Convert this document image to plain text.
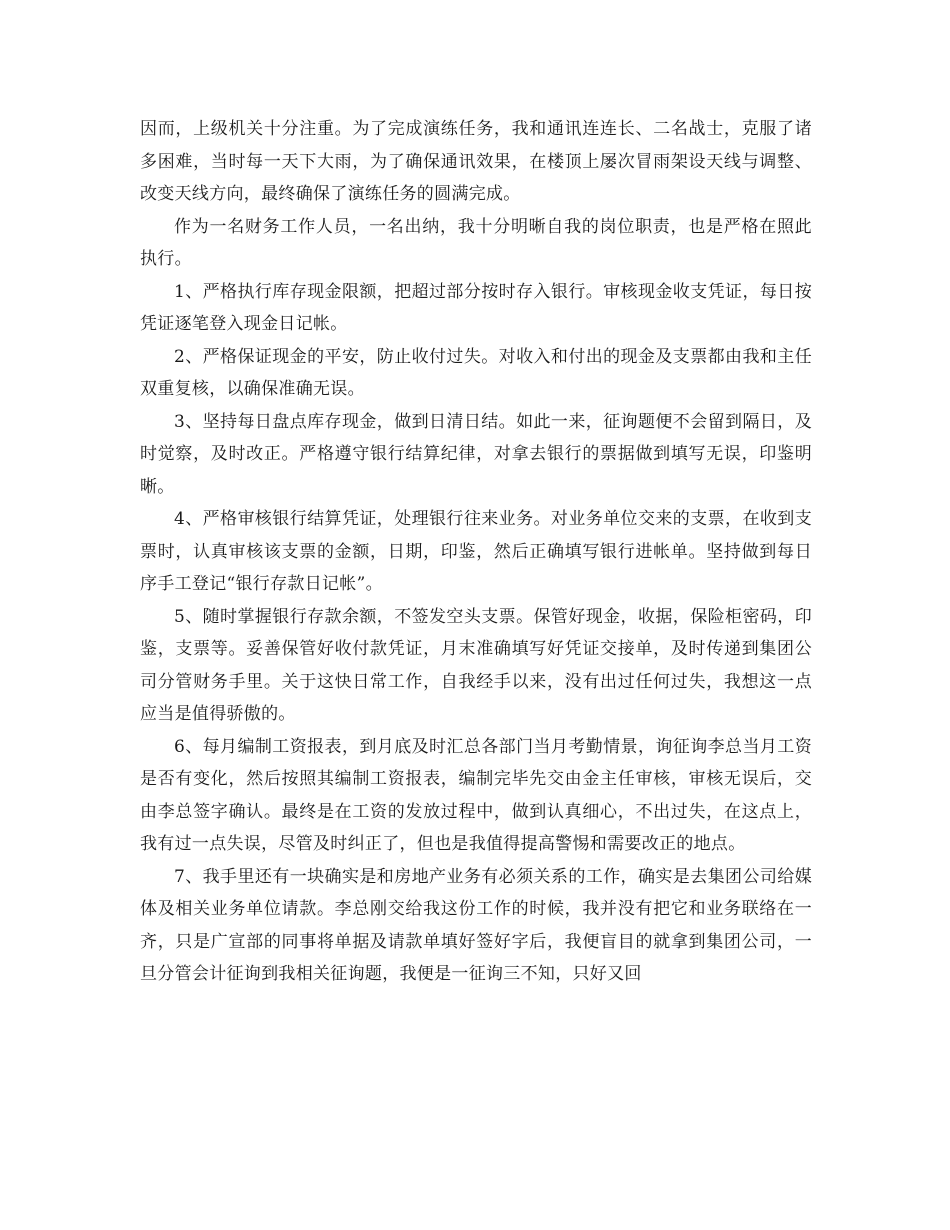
因而，上级机关十分注重。为了完成演练任务，我和通讯连连长、二名战士，克服了诸多困难，当时每一天下大雨，为了确保通讯效果，在楼顶上屡次冒雨架设天线与调整、改变天线方向，最终确保了演练任务的圆满完成。

作为一名财务工作人员，一名出纳，我十分明晰自我的岗位职责，也是严格在照此执行。

1、严格执行库存现金限额，把超过部分按时存入银行。审核现金收支凭证，每日按凭证逐笔登入现金日记帐。

2、严格保证现金的平安，防止收付过失。对收入和付出的现金及支票都由我和主任双重复核，以确保准确无误。

3、坚持每日盘点库存现金，做到日清日结。如此一来，征询题便不会留到隔日，及时觉察，及时改正。严格遵守银行结算纪律，对拿去银行的票据做到填写无误，印鉴明晰。

4、严格审核银行结算凭证，处理银行往来业务。对业务单位交来的支票，在收到支票时，认真审核该支票的金额，日期，印鉴，然后正确填写银行进帐单。坚持做到每日序手工登记“银行存款日记帐”。

5、随时掌握银行存款余额，不签发空头支票。保管好现金，收据，保险柜密码，印鉴，支票等。妥善保管好收付款凭证，月末准确填写好凭证交接单，及时传递到集团公司分管财务手里。关于这快日常工作，自我经手以来，没有出过任何过失，我想这一点应当是值得骄傲的。

6、每月编制工资报表，到月底及时汇总各部门当月考勤情景，询征询李总当月工资是否有变化，然后按照其编制工资报表，编制完毕先交由金主任审核，审核无误后，交由李总签字确认。最终是在工资的发放过程中，做到认真细心，不出过失，在这点上，我有过一点失误，尽管及时纠正了，但也是我值得提高警惕和需要改正的地点。

7、我手里还有一块确实是和房地产业务有必须关系的工作，确实是去集团公司给媒体及相关业务单位请款。李总刚交给我这份工作的时候，我并没有把它和业务联络在一齐，只是广宣部的同事将单据及请款单填好签好字后，我便盲目的就拿到集团公司，一旦分管会计征询到我相关征询题，我便是一征询三不知，只好又回
